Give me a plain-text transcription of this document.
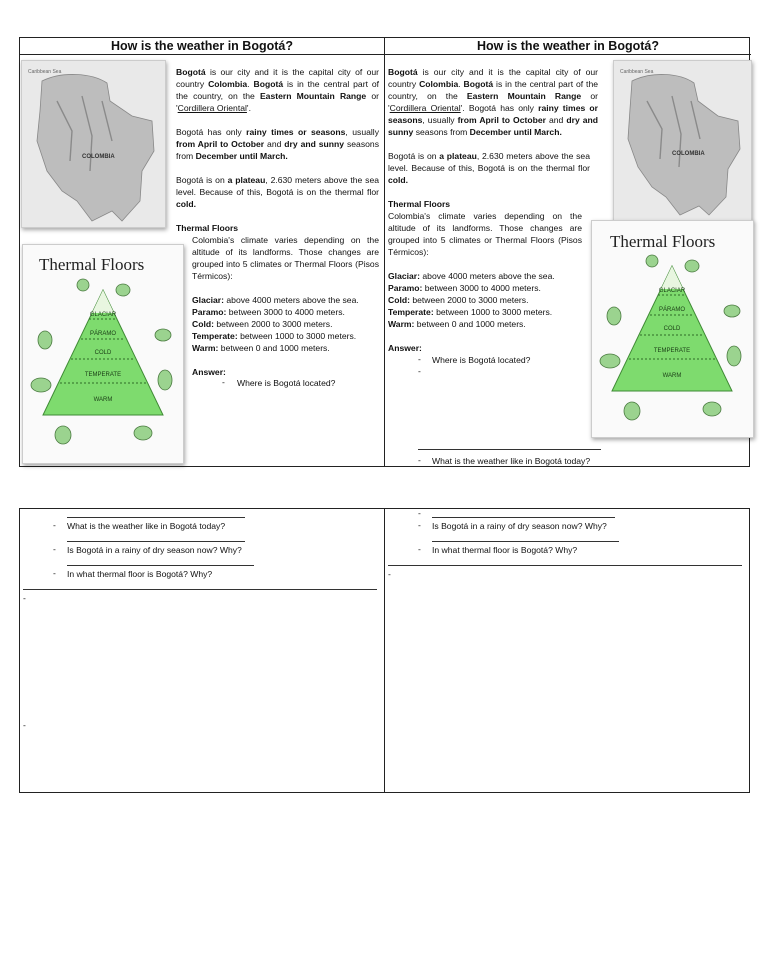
How is the weather in Bogotá?	How is the weather in Bogotá?
Caribbean Sea
COLOMBIA
Thermal Floors
GLACIAR
PÁRAMO
COLD
TEMPERATE
WARM

Bogotá is our city and it is the capital city of our country Colombia. Bogotá is in the central part of the country, on the Eastern Mountain Range or 'Cordillera Oriental'.

Bogotá has only rainy times or seasons, usually from April to October and dry and sunny seasons from December until March.

Bogotá is on a plateau, 2.630 meters above the sea level. Because of this, Bogotá is on the thermal flor cold.

Thermal Floors

Colombia's climate varies depending on the altitude of its landforms. Those changes are grouped into 5 climates or Thermal Floors (Pisos Térmicos):

Glaciar: above 4000 meters above the sea.
Paramo: between 3000 to 4000 meters.
Cold: between 2000 to 3000 meters.
Temperate: between 1000 to 3000 meters.
Warm: between 0 and 1000 meters.
Answer:
- Where is Bogotá located?

Bogotá is our city and it is the capital city of our country Colombia. Bogotá is in the central part of the country, on the Eastern Mountain Range or 'Cordillera Oriental'. Bogotá has only rainy times or seasons, usually from April to October and dry and sunny seasons from December until March.

Bogotá is on a plateau, 2.630 meters above the sea level. Because of this, Bogotá is on the thermal flor cold.

Thermal Floors

Colombia's climate varies depending on the altitude of its landforms. Those changes are grouped into 5 climates or Thermal Floors (Pisos Térmicos):

Glaciar: above 4000 meters above the sea.
Paramo: between 3000 to 4000 meters.
Cold: between 2000 to 3000 meters.
Temperate: between 1000 to 3000 meters.
Warm: between 0 and 1000 meters.
Answer:
- Where is Bogotá located?
-
Caribbean Sea
COLOMBIA
Thermal Floors
GLACIAR
PÁRAMO
COLD
TEMPERATE
WARM
- What is the weather like in Bogotá today?
- What is the weather like in Bogotá today?
- Is Bogotá in a rainy of dry season now? Why?
- In what thermal floor is Bogotá? Why?
-
-
-
- Is Bogotá in a rainy of dry season now? Why?
- In what thermal floor is Bogotá? Why?
-
